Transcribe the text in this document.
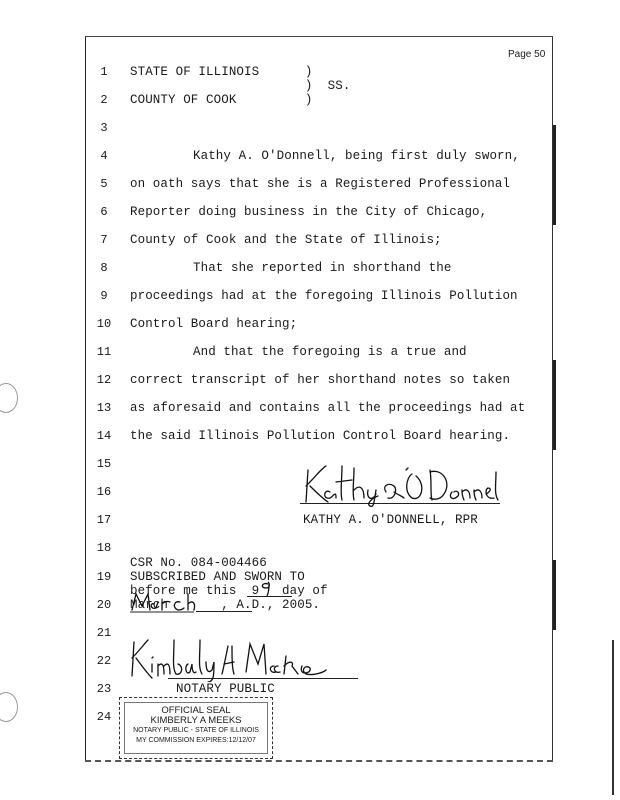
Page 50
1	STATE OF ILLINOIS      )
)  SS.
2	COUNTY OF COOK         )
3
4	Kathy A. O'Donnell, being first duly sworn,
5	on oath says that she is a Registered Professional
6	Reporter doing business in the City of Chicago,
7	County of Cook and the State of Illinois;
8	That she reported in shorthand the
9	proceedings had at the foregoing Illinois Pollution
10	Control Board hearing;
11	And that the foregoing is a true and
12	correct transcript of her shorthand notes so taken
13	as aforesaid and contains all the proceedings had at
14	the said Illinois Pollution Control Board hearing.
15
16
17	KATHY A. O'DONNELL, RPR
18
CSR No. 084-004466
19	SUBSCRIBED AND SWORN TO
before me this  9   day of
20	March       , A.D., 2005.
21
22
23	NOTARY PUBLIC
24	OFFICIAL SEAL
KIMBERLY A MEEKS
NOTARY PUBLIC - STATE OF ILLINOIS
MY COMMISSION EXPIRES:12/12/07
